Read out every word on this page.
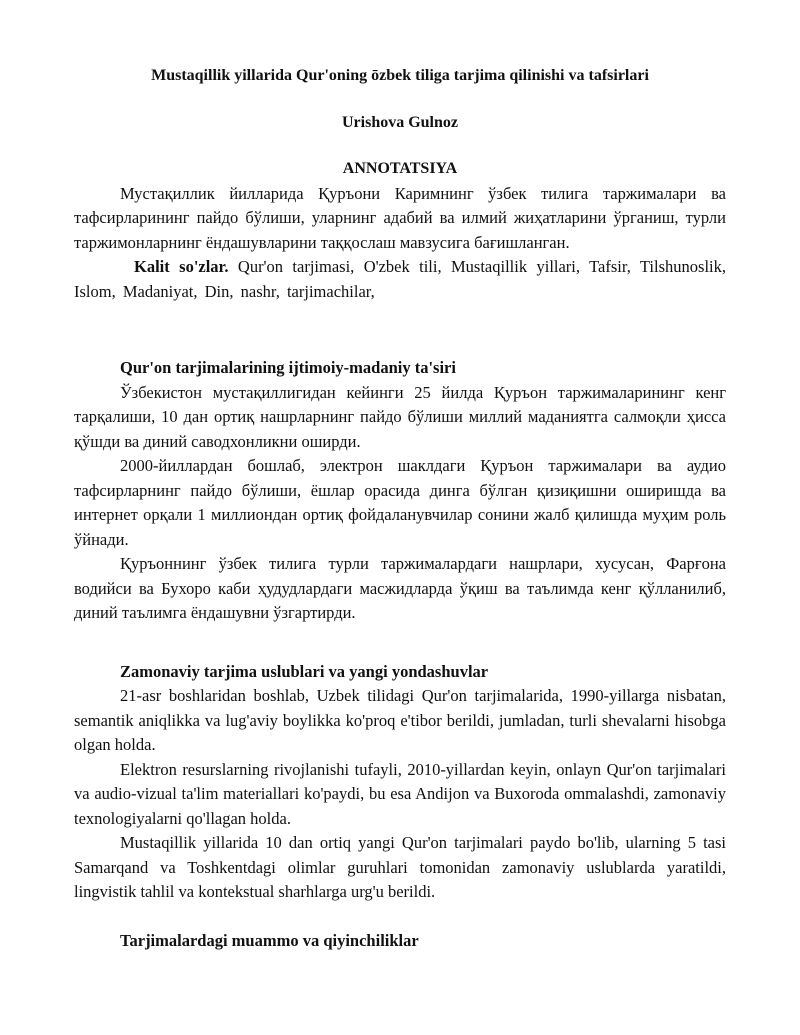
Mustaqillik yillarida Qur'oning ōzbek tiliga tarjima qilinishi va tafsirlari

Urishova Gulnoz

ANNOTATSIYA

Мустақиллик йилларида Қуръони Каримнинг ўзбек тилига таржималари ва тафсирларининг пайдо бўлиши, уларнинг адабий ва илмий жиҳатларини ўрганиш, турли таржимонларнинг ёндашувларини таққослаш мавзусига бағишланган.

Kalit so'zlar. Qur'on tarjimasi, O'zbek tili, Mustaqillik yillari, Tafsir, Tilshunoslik, Islom, Madaniyat, Din, nashr, tarjimachilar,

Qur'on tarjimalarining ijtimoiy-madaniy ta'siri

Ўзбекистон мустақиллигидан кейинги 25 йилда Қуръон таржималарининг кенг тарқалиши, 10 дан ортиқ нашрларнинг пайдо бўлиши миллий маданиятга салмоқли ҳисса қўшди ва диний саводхонликни оширди.

2000-йиллардан бошлаб, электрон шаклдаги Қуръон таржималари ва аудио тафсирларнинг пайдо бўлиши, ёшлар орасида динга бўлган қизиқишни оширишда ва интернет орқали 1 миллиондан ортиқ фойдаланувчилар сонини жалб қилишда муҳим роль ўйнади.

Қуръоннинг ўзбек тилига турли таржималардаги нашрлари, хусусан, Фарғона водийси ва Бухоро каби ҳудудлардаги масжидларда ўқиш ва таълимда кенг қўлланилиб, диний таълимга ёндашувни ўзгартирди.

Zamonaviy tarjima uslublari va yangi yondashuvlar

21-asr boshlaridan boshlab, Uzbek tilidagi Qur'on tarjimalarida, 1990-yillarga nisbatan, semantik aniqlikka va lug'aviy boylikka ko'proq e'tibor berildi, jumladan, turli shevalarni hisobga olgan holda.

Elektron resurslarning rivojlanishi tufayli, 2010-yillardan keyin, onlayn Qur'on tarjimalari va audio-vizual ta'lim materiallari ko'paydi, bu esa Andijon va Buxoroda ommalashdi, zamonaviy texnologiyalarni qo'llagan holda.

Mustaqillik yillarida 10 dan ortiq yangi Qur'on tarjimalari paydo bo'lib, ularning 5 tasi Samarqand va Toshkentdagi olimlar guruhlari tomonidan zamonaviy uslublarda yaratildi, lingvistik tahlil va kontekstual sharhlarga urg'u berildi.

Tarjimalardagi muammo va qiyinchiliklar
